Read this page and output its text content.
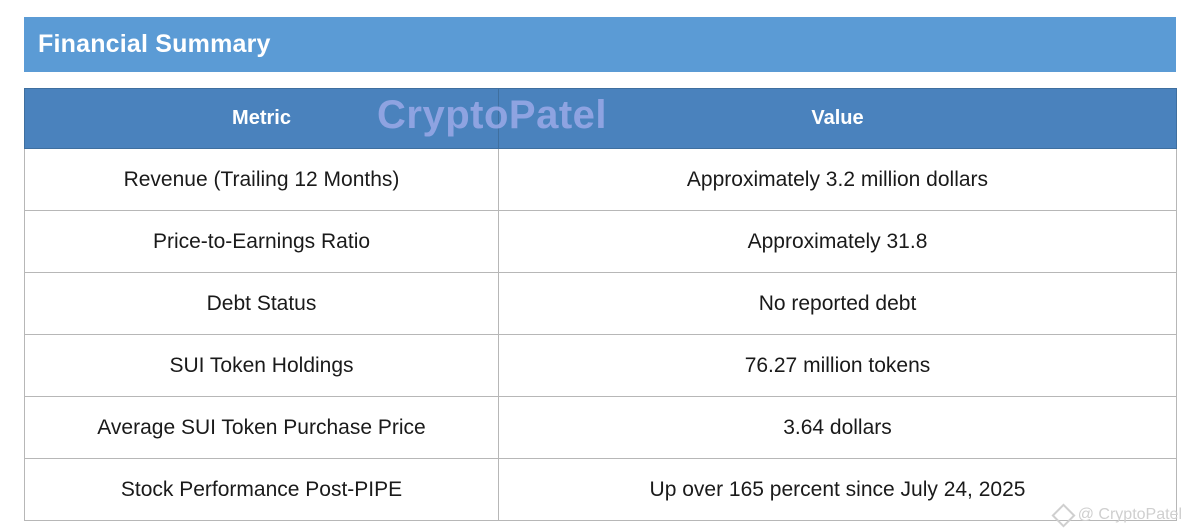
Financial Summary
Metric	Value
Revenue (Trailing 12 Months)	Approximately 3.2 million dollars
Price-to-Earnings Ratio	Approximately 31.8
Debt Status	No reported debt
SUI Token Holdings	76.27 million tokens
Average SUI Token Purchase Price	3.64 dollars
Stock Performance Post-PIPE	Up over 165 percent since July 24, 2025
CryptoPatel
@ CryptoPatel
